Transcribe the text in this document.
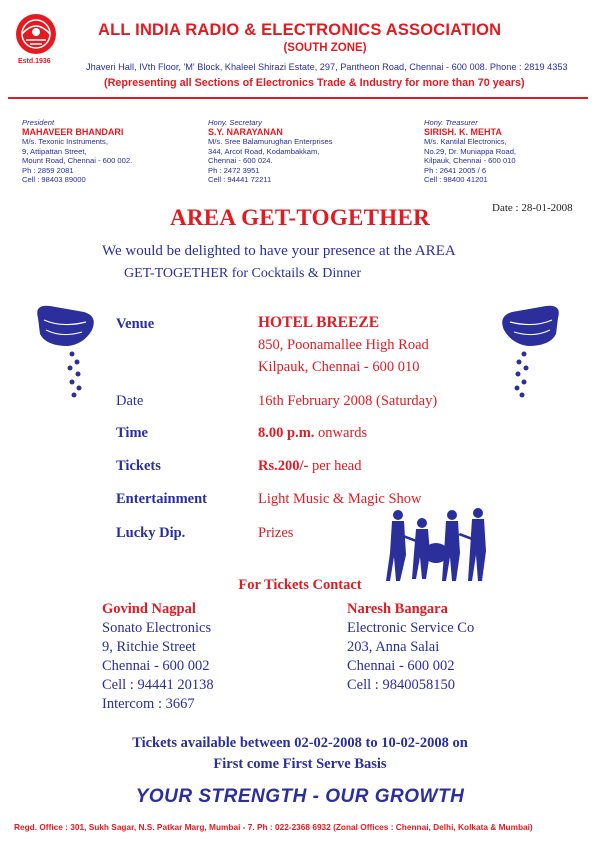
Estd.1936
ALL INDIA RADIO & ELECTRONICS ASSOCIATION
(SOUTH ZONE)
Jhaveri Hall, IVth Floor, 'M' Block, Khaleel Shirazi Estate, 297, Pantheon Road, Chennai - 600 008. Phone : 2819 4353
(Representing all Sections of Electronics Trade & Industry for more than 70 years)
President
MAHAVEER BHANDARI
M/s. Texonic Instruments,
9, Attipattan Street,
Mount Road, Chennai - 600 002.
Ph : 2859 2081
Cell : 98403 89000
Hony. Secretary
S.Y. NARAYANAN
M/s. Sree Balamurughan Enterprises
344, Arcot Road, Kodambakkam,
Chennai - 600 024.
Ph : 2472 3951
Cell : 94441 72211
Hony. Treasurer
SIRISH. K. MEHTA
M/s. Kantilal Electronics,
No.29, Dr. Muniappa Road,
Kilpauk, Chennai - 600 010
Ph : 2641 2005 / 6
Cell : 98400 41201
Date : 28-01-2008
AREA GET-TOGETHER
We would be delighted to have your presence at the AREA
GET-TOGETHER for Cocktails & Dinner
Venue	HOTEL BREEZE
850, Poonamallee High Road
Kilpauk, Chennai - 600 010
Date	16th February 2008 (Saturday)
Time	8.00 p.m. onwards
Tickets	Rs.200/- per head
Entertainment	Light Music & Magic Show
Lucky Dip.	Prizes
For Tickets Contact
Govind Nagpal
Sonato Electronics
9, Ritchie Street
Chennai - 600 002
Cell : 94441 20138
Intercom : 3667
Naresh Bangara
Electronic Service Co
203, Anna Salai
Chennai - 600 002
Cell : 9840058150
Tickets available between 02-02-2008 to 10-02-2008 on
First come First Serve Basis
YOUR STRENGTH - OUR GROWTH
Regd. Office : 301, Sukh Sagar, N.S. Patkar Marg, Mumbai - 7. Ph : 022-2368 6932 (Zonal Offices : Chennai, Delhi, Kolkata & Mumbai)
